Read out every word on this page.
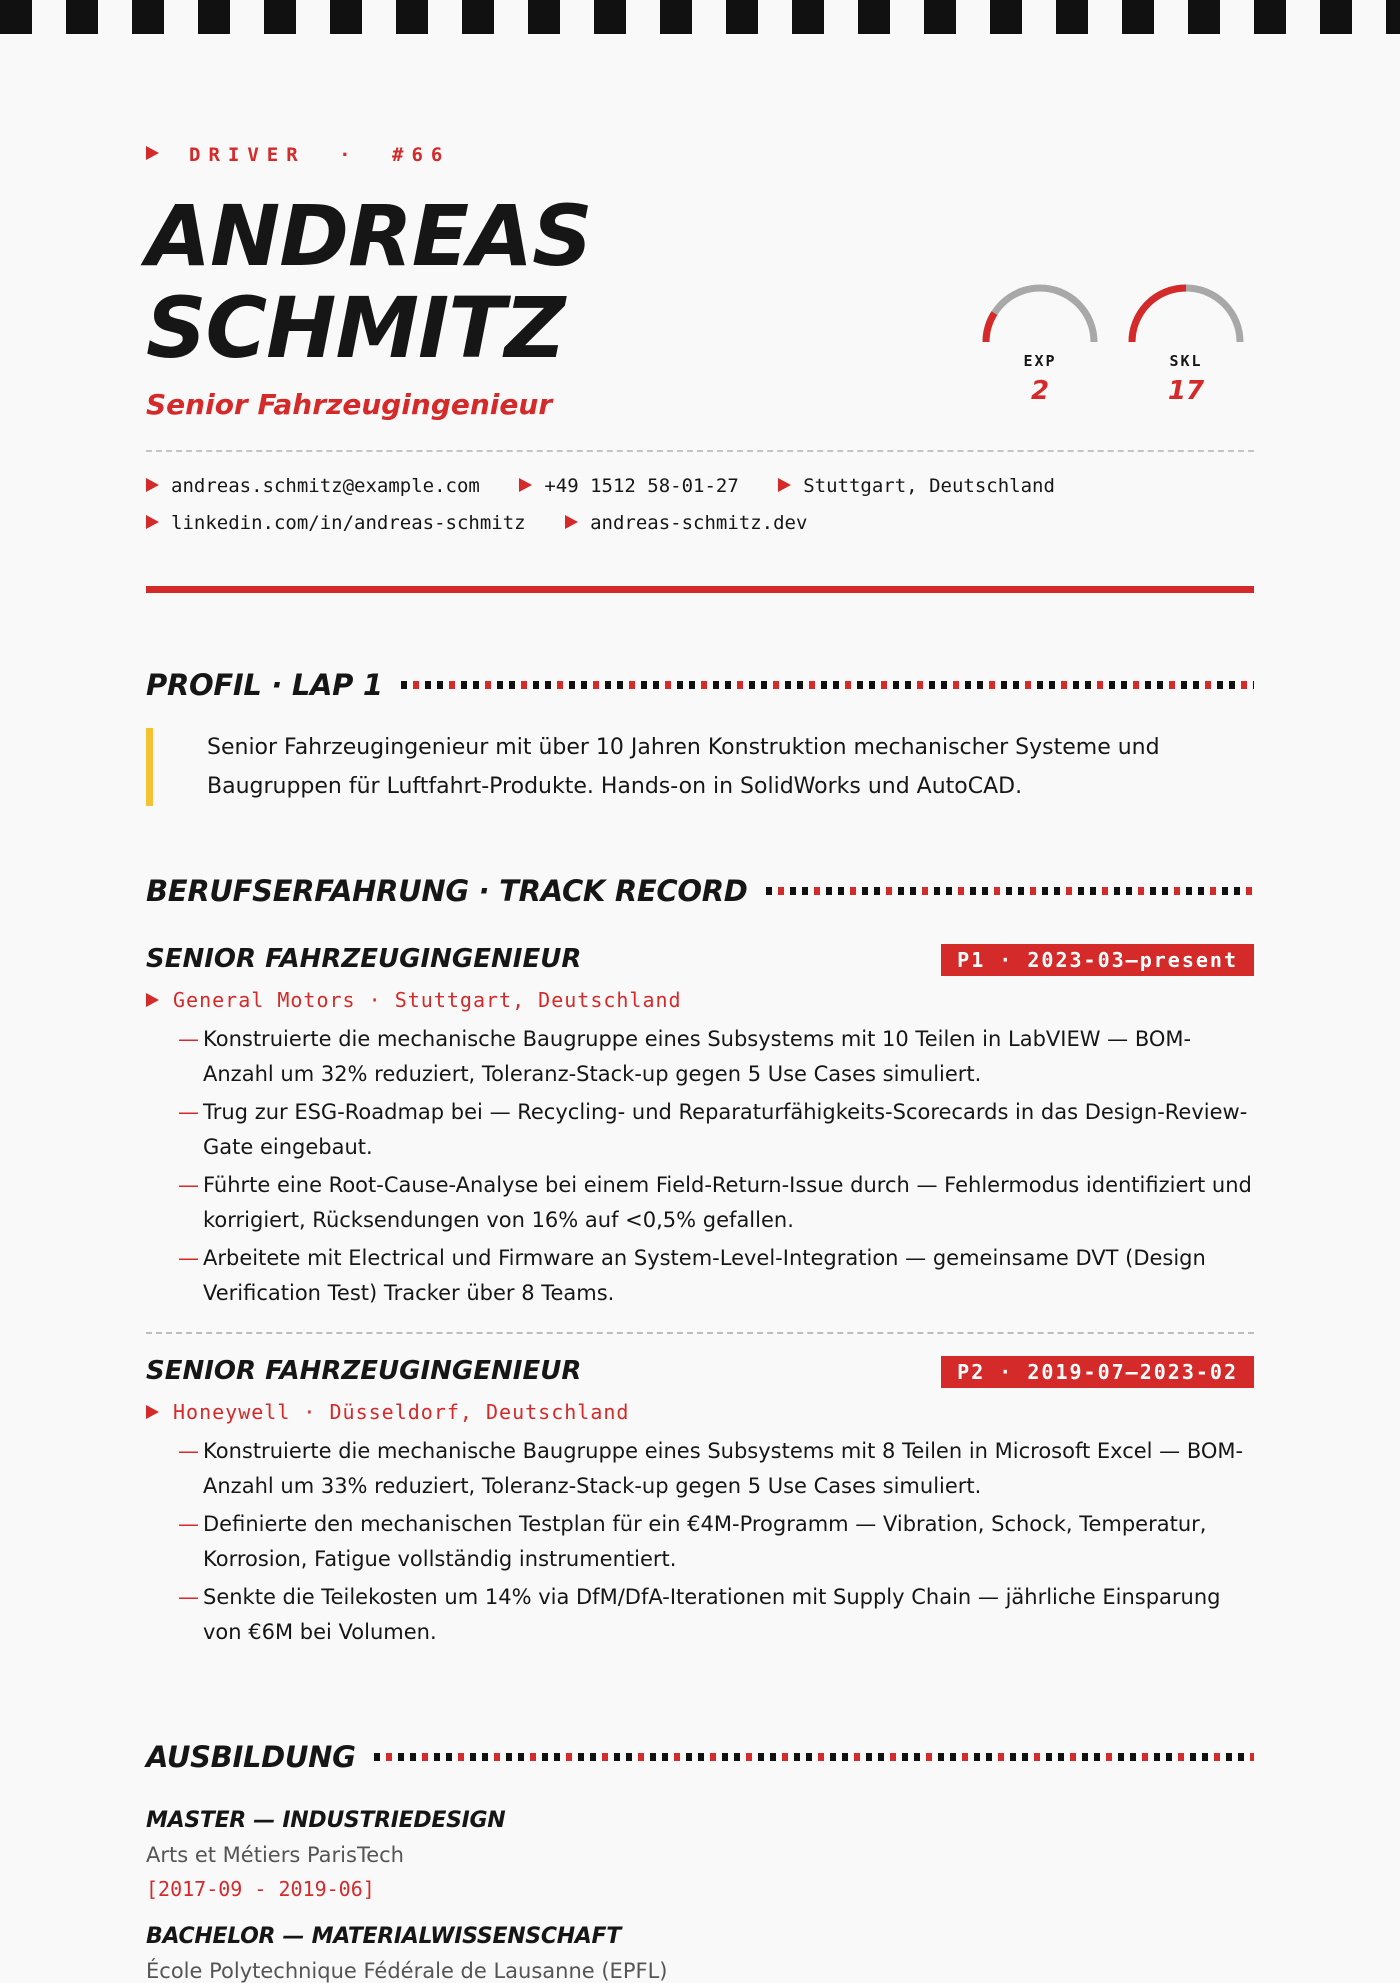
DRIVER · #66
ANDREAS
SCHMITZ
Senior Fahrzeugingenieur
EXP
2
SKL
17
andreas.schmitz@example.com	+49 1512 58-01-27	Stuttgart, Deutschland
linkedin.com/in/andreas-schmitz	andreas-schmitz.dev
PROFIL · LAP 1
Senior Fahrzeugingenieur mit über 10 Jahren Konstruktion mechanischer Systeme und Baugruppen für Luftfahrt-Produkte. Hands-on in SolidWorks und AutoCAD.
BERUFSERFAHRUNG · TRACK RECORD
SENIOR FAHRZEUGINGENIEUR	P1 · 2023-03–present
General Motors · Stuttgart, Deutschland
— Konstruierte die mechanische Baugruppe eines Subsystems mit 10 Teilen in LabVIEW — BOM-Anzahl um 32% reduziert, Toleranz-Stack-up gegen 5 Use Cases simuliert.
— Trug zur ESG-Roadmap bei — Recycling- und Reparaturfähigkeits-Scorecards in das Design-Review-Gate eingebaut.
— Führte eine Root-Cause-Analyse bei einem Field-Return-Issue durch — Fehlermodus identifiziert und korrigiert, Rücksendungen von 16% auf <0,5% gefallen.
— Arbeitete mit Electrical und Firmware an System-Level-Integration — gemeinsame DVT (Design Verification Test) Tracker über 8 Teams.
SENIOR FAHRZEUGINGENIEUR	P2 · 2019-07–2023-02
Honeywell · Düsseldorf, Deutschland
— Konstruierte die mechanische Baugruppe eines Subsystems mit 8 Teilen in Microsoft Excel — BOM-Anzahl um 33% reduziert, Toleranz-Stack-up gegen 5 Use Cases simuliert.
— Definierte den mechanischen Testplan für ein €4M-Programm — Vibration, Schock, Temperatur, Korrosion, Fatigue vollständig instrumentiert.
— Senkte die Teilekosten um 14% via DfM/DfA-Iterationen mit Supply Chain — jährliche Einsparung von €6M bei Volumen.
AUSBILDUNG
MASTER — INDUSTRIEDESIGN
Arts et Métiers ParisTech
[2017-09 - 2019-06]
BACHELOR — MATERIALWISSENSCHAFT
École Polytechnique Fédérale de Lausanne (EPFL)
